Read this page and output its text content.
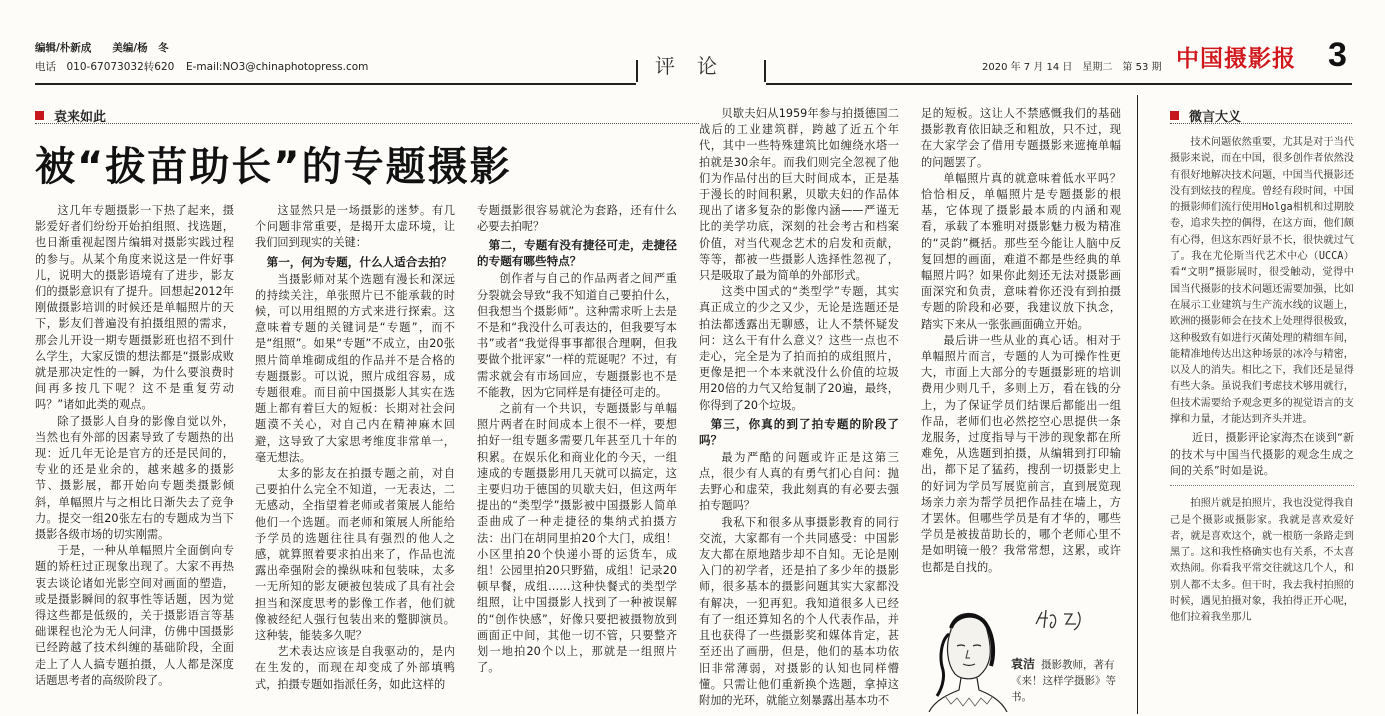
编辑/朴新成　　美编/杨　冬
电话　010-67073032转620 E-mail:NO3@chinaphotopress.com	评论	2020 年 7 月 14 日　星期二　第 53 期 中国摄影报 3
袁来如此
被“拔苗助长”的专题摄影

这几年专题摄影一下热了起来，摄影爱好者们纷纷开始拍组照、找选题，也日渐重视起图片编辑对摄影实践过程的参与。从某个角度来说这是一件好事儿，说明大的摄影语境有了进步，影友们的摄影意识有了提升。回想起2012年刚做摄影培训的时候还是单幅照片的天下，影友们普遍没有拍摄组照的需求，那会儿开设一期专题摄影班也招不到什么学生，大家反馈的想法都是“摄影成败就是那决定性的一瞬，为什么要浪费时间再多按几下呢？这不是重复劳动吗？”诸如此类的观点。

除了摄影人自身的影像自觉以外，当然也有外部的因素导致了专题热的出现：近几年无论是官方的还是民间的，专业的还是业余的，越来越多的摄影节、摄影展，都开始向专题类摄影倾斜，单幅照片与之相比日渐失去了竞争力。提交一组20张左右的专题成为当下摄影各级市场的切实刚需。

于是，一种从单幅照片全面倒向专题的矫枉过正现象出现了。大家不再热衷去谈论诸如光影空间对画面的塑造，或是摄影瞬间的叙事性等话题，因为觉得这些都是低级的，关于摄影语言等基础课程也沦为无人问津，仿佛中国摄影已经跨越了技术纠缠的基础阶段，全面走上了人人搞专题拍摄，人人都是深度话题思考者的高级阶段了。

这显然只是一场摄影的迷梦。有几个问题非常重要，是揭开太虚环境，让我们回到现实的关键：

第一，何为专题，什么人适合去拍？

当摄影师对某个选题有漫长和深远的持续关注，单张照片已不能承载的时候，可以用组照的方式来进行探索。这意味着专题的关键词是“专题”，而不是“组照”。如果“专题”不成立，由20张照片简单堆砌成组的作品并不是合格的专题摄影。可以说，照片成组容易，成专题很难。而目前中国摄影人其实在选题上都有着巨大的短板：长期对社会问题漠不关心，对自己内在精神麻木回避，这导致了大家思考维度非常单一，毫无想法。

太多的影友在拍摄专题之前，对自己要拍什么完全不知道，一无表达，二无感动，全指望着老师或者策展人能给他们一个选题。而老师和策展人所能给予学员的选题往往具有强烈的他人之感，就算照着要求拍出来了，作品也流露出牵强附会的操纵味和包装味，太多一无所知的影友硬被包装成了具有社会担当和深度思考的影像工作者，他们就像被经纪人强行包装出来的蹩脚演员。这种装，能装多久呢？

艺术表达应该是自我驱动的，是内在生发的，而现在却变成了外部填鸭式，拍摄专题如指派任务，如此这样的

专题摄影很容易就沦为套路，还有什么必要去拍呢？

第二，专题有没有捷径可走，走捷径的专题有哪些特点？

创作者与自己的作品两者之间严重分裂就会导致“我不知道自己要拍什么，但我想当个摄影师”。这种需求听上去是不是和“我没什么可表达的，但我要写本书”或者“我觉得事事都很合理啊，但我要做个批评家”一样的荒诞呢？不过，有需求就会有市场回应，专题摄影也不是不能教，因为它同样是有捷径可走的。

之前有一个共识，专题摄影与单幅照片两者在时间成本上很不一样，要想拍好一组专题多需要几年甚至几十年的积累。在娱乐化和商业化的今天，一组速成的专题摄影用几天就可以搞定，这主要归功于德国的贝歇夫妇，但这两年提出的“类型学”摄影被中国摄影人简单歪曲成了一种走捷径的集纳式拍摄方法：出门在胡同里拍20个大门，成组！小区里拍20个快递小哥的运货车，成组！公园里拍20只野猫，成组！记录20顿早餐，成组……这种快餐式的类型学组照，让中国摄影人找到了一种被误解的“创作快感”，好像只要把被摄物放到画面正中间，其他一切不管，只要整齐划一地拍20个以上，那就是一组照片了。

贝歇夫妇从1959年参与拍摄德国二战后的工业建筑群，跨越了近五个年代，其中一些特殊建筑比如缠绕水塔一拍就是30余年。而我们则完全忽视了他们为作品付出的巨大时间成本，正是基于漫长的时间积累，贝歇夫妇的作品体现出了诸多复杂的影像内涵——严谨无比的美学功底，深刻的社会考古和档案价值，对当代观念艺术的启发和贡献，等等，都被一些摄影人选择性忽视了，只是吸取了最为简单的外部形式。

这类中国式的“类型学”专题，其实真正成立的少之又少，无论是选题还是拍法都透露出无聊感，让人不禁怀疑发问：这么干有什么意义？这些一点也不走心，完全是为了拍而拍的成组照片，更像是把一个本来就没什么价值的垃圾用20倍的力气又给复制了20遍，最终，你得到了20个垃圾。

第三，你真的到了拍专题的阶段了吗？

最为严酷的问题或许正是这第三点，很少有人真的有勇气扪心自问：抛去野心和虚荣，我此刻真的有必要去强拍专题吗？

我私下和很多从事摄影教育的同行交流，大家都有一个共同感受：中国影友大都在原地踏步却不自知。无论是刚入门的初学者，还是拍了多少年的摄影师，很多基本的摄影问题其实大家都没有解决，一犯再犯。我知道很多人已经有了一组还算知名的个人代表作品，并且也获得了一些摄影奖和媒体肯定，甚至还出了画册，但是，他们的基本功依旧非常薄弱，对摄影的认知也同样懵懂。只需让他们重新换个选题，拿掉这附加的光环，就能立刻暴露出基本功不

足的短板。这让人不禁感慨我们的基础摄影教育依旧缺乏和粗放，只不过，现在大家学会了借用专题摄影来遮掩单幅的问题罢了。

单幅照片真的就意味着低水平吗？恰恰相反，单幅照片是专题摄影的根基，它体现了摄影最本质的内涵和观看，承载了本雅明对摄影魅力极为精准的“灵韵”概括。那些至今能让人脑中反复回想的画面，难道不都是些经典的单幅照片吗？如果你此刻还无法对摄影画面深究和负责，意味着你还没有到拍摄专题的阶段和必要，我建议放下执念，踏实下来从一张张画面确立开始。

最后讲一些从业的真心话。相对于单幅照片而言，专题的人为可操作性更大，市面上大部分的专题摄影班的培训费用少则几千，多则上万，看在钱的分上，为了保证学员们结课后都能出一组作品，老师们也必然挖空心思提供一条龙服务，过度指导与干涉的现象都在所难免，从选题到拍摄，从编辑到打印输出，都下足了猛药，搜刮一切摄影史上的好词为学员写展览前言，直到展览现场亲力亲为帮学员把作品挂在墙上，方才罢休。但哪些学员是有才华的，哪些学员是被拔苗助长的，哪个老师心里不是如明镜一般？我常常想，这累，或许也都是自找的。

袁洁 摄影教师，著有《来！这样学摄影》等书。
微言大义

技术问题依然重要，尤其是对于当代摄影来说，而在中国，很多创作者依然没有很好地解决技术问题，中国当代摄影还没有到炫技的程度。曾经有段时间，中国的摄影师们流行使用Holga相机和过期胶卷，追求失控的偶得，在这方面，他们颇有心得，但这东西好景不长，很快就过气了。我在尤伦斯当代艺术中心（UCCA）看“文明”摄影展时，很受触动，觉得中国当代摄影的技术问题还需要加强，比如在展示工业建筑与生产流水线的议题上，欧洲的摄影师会在技术上处理得很极致，这种极致有如进行灭菌处理的精细车间，能精准地传达出这种场景的冰冷与精密，以及人的消失。相比之下，我们还是显得有些大条。虽说我们考虑技术够用就行，但技术需要给予观念更多的视觉语言的支撑和力量，才能达到齐头并进。

近日，摄影评论家海杰在谈到“新的技术与中国当代摄影的观念生成之间的关系”时如是说。

拍照片就是拍照片，我也没觉得我自己是个摄影或摄影家。我就是喜欢爱好者，就是喜欢这个，就一根筋一条路走到黑了。这和我性格确实也有关系，不太喜欢热闹。你看我平常交往就这几个人，和别人都不太多。但干时，我去我村拍照的时候，遇见拍摄对象，我拍得正开心呢，他们拉着我坐那儿
